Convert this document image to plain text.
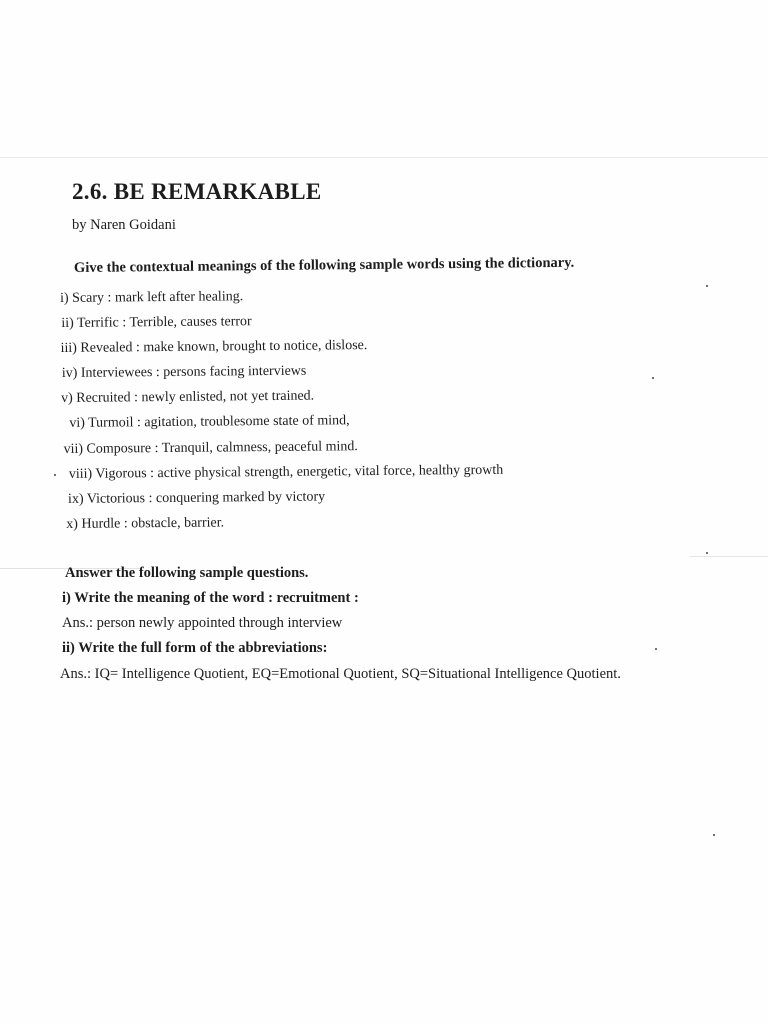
2.6. BE REMARKABLE

by Naren Goidani

Give the contextual meanings of the following sample words using the dictionary.

i) Scary : mark left after healing.
ii) Terrific : Terrible, causes terror
iii) Revealed : make known, brought to notice, dislose.
iv) Interviewees : persons facing interviews
v) Recruited : newly enlisted, not yet trained.
vi) Turmoil : agitation, troublesome state of mind,
vii) Composure : Tranquil, calmness, peaceful mind.
viii) Vigorous : active physical strength, energetic, vital force, healthy growth
ix) Victorious : conquering marked by victory
x) Hurdle : obstacle, barrier.

Answer the following sample questions.

i) Write the meaning of the word : recruitment :

Ans.: person newly appointed through interview

ii) Write the full form of the abbreviations:

Ans.: IQ= Intelligence Quotient, EQ=Emotional Quotient, SQ=Situational Intelligence Quotient.
